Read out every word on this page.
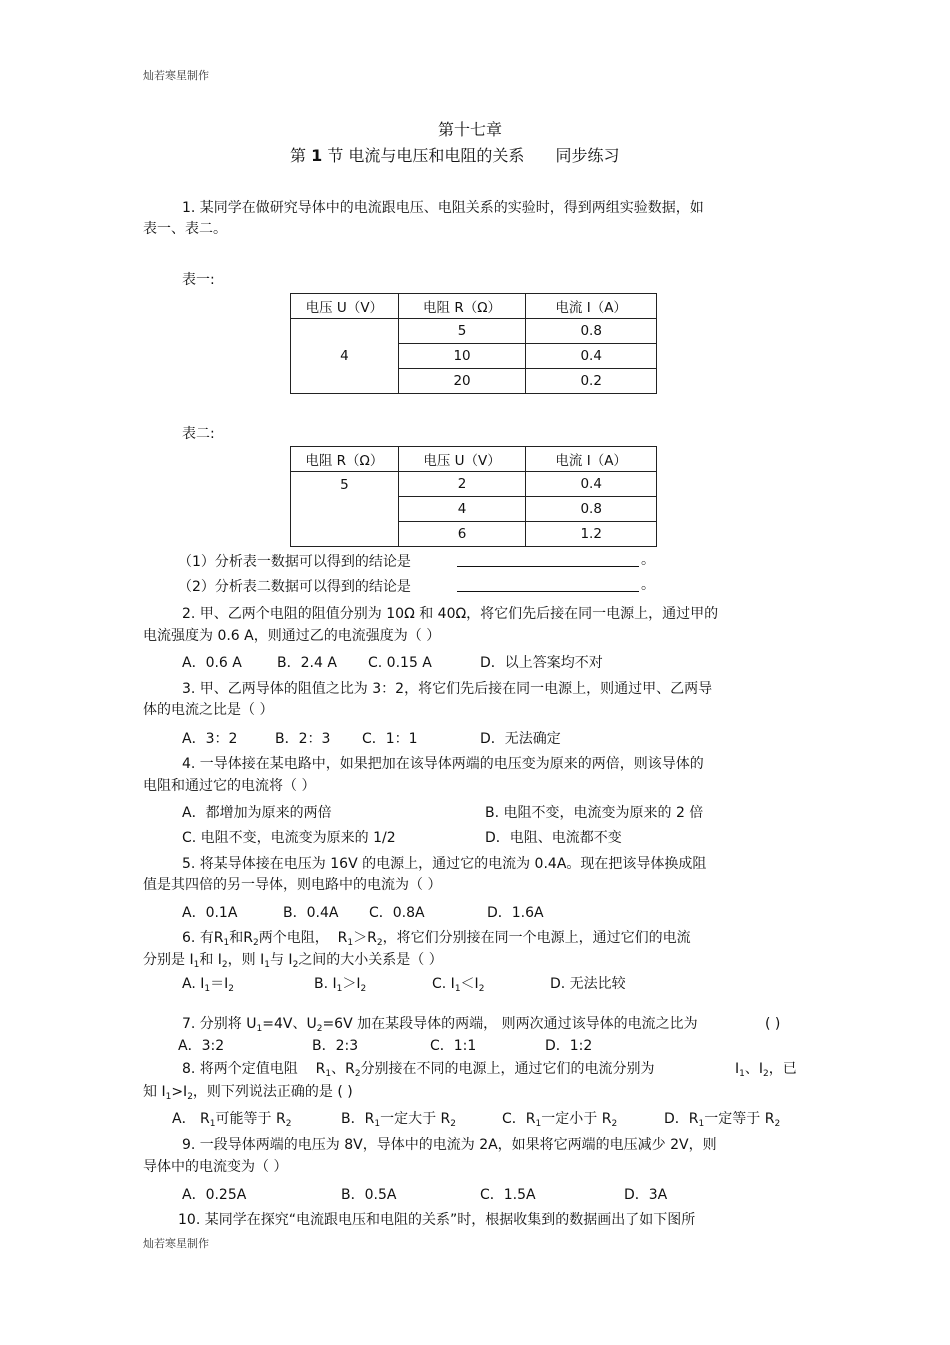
灿若寒星制作
灿若寒星制作
第十七章
第 1 节 电流与电压和电阻的关系 同步练习
1. 某同学在做研究导体中的电流跟电压、电阻关系的实验时，得到两组实验数据，如
表一、表二。
表一:
电压 U（V）	电阻 R（Ω）	电流 I（A）
4	5	0.8
	10	0.4
	20	0.2
表二:
电阻 R（Ω）	电压 U（V）	电流 I（A）
5	2	0.4
	4	0.8
	6	1.2
（1）分析表一数据可以得到的结论是	。
（2）分析表二数据可以得到的结论是	。
2. 甲、乙两个电阻的阻值分别为 10Ω 和 40Ω，将它们先后接在同一电源上，通过甲的
电流强度为 0.6 A，则通过乙的电流强度为（ ）
A．0.6 A	B．2.4 A C. 0.15 A	D．以上答案均不对
3. 甲、乙两导体的阻值之比为 3：2，将它们先后接在同一电源上，则通过甲、乙两导
体的电流之比是（ ）
A．3：2	B．2：3 C．1：1	D．无法确定
4. 一导体接在某电路中，如果把加在该导体两端的电压变为原来的两倍，则该导体的
电阻和通过它的电流将（ ）
A．都增加为原来的两倍	B. 电阻不变，电流变为原来的 2 倍
C. 电阻不变，电流变为原来的 1/2	D．电阻、电流都不变
5. 将某导体接在电压为 16V 的电源上，通过它的电流为 0.4A。现在把该导体换成阻
值是其四倍的另一导体，则电路中的电流为（ ）
A．0.1A	B．0.4A C．0.8A	D．1.6A
6. 有$R_1$和$R_2$两个电阻， $R_1>R_2$，将它们分别接在同一个电源上，通过它们的电流
分别是 $I_1$和 $I_2$，则 $I_1$与 $I_2$之间的大小关系是（ ）
A. $I_1=I_2$	B. $I_1>I_2$	C. $I_1<I_2$	D. 无法比较
7. 分别将 $U_1=4V$、$U_2=6V$ 加在某段导体的两端， 则两次通过该导体的电流之比为	( )
A．3:2	B．2:3	C．1:1	D．1:2
8. 将两个定值电阻 $R_1$、$R_2$分别接在不同的电源上，通过它们的电流分别为	$I_1$、$I_2$，已
知 $I_1>I_2$，则下列说法正确的是 ( )
A． $R_1$可能等于 $R_2$	B．$R_1$一定大于 $R_2$	C．$R_1$一定小于 $R_2$	D．$R_1$一定等于 $R_2$
9. 一段导体两端的电压为 8V，导体中的电流为 2A，如果将它两端的电压减少 2V，则
导体中的电流变为（ ）
A．0.25A	B．0.5A	C．1.5A	D．3A
10. 某同学在探究“电流跟电压和电阻的关系”时，根据收集到的数据画出了如下图所
